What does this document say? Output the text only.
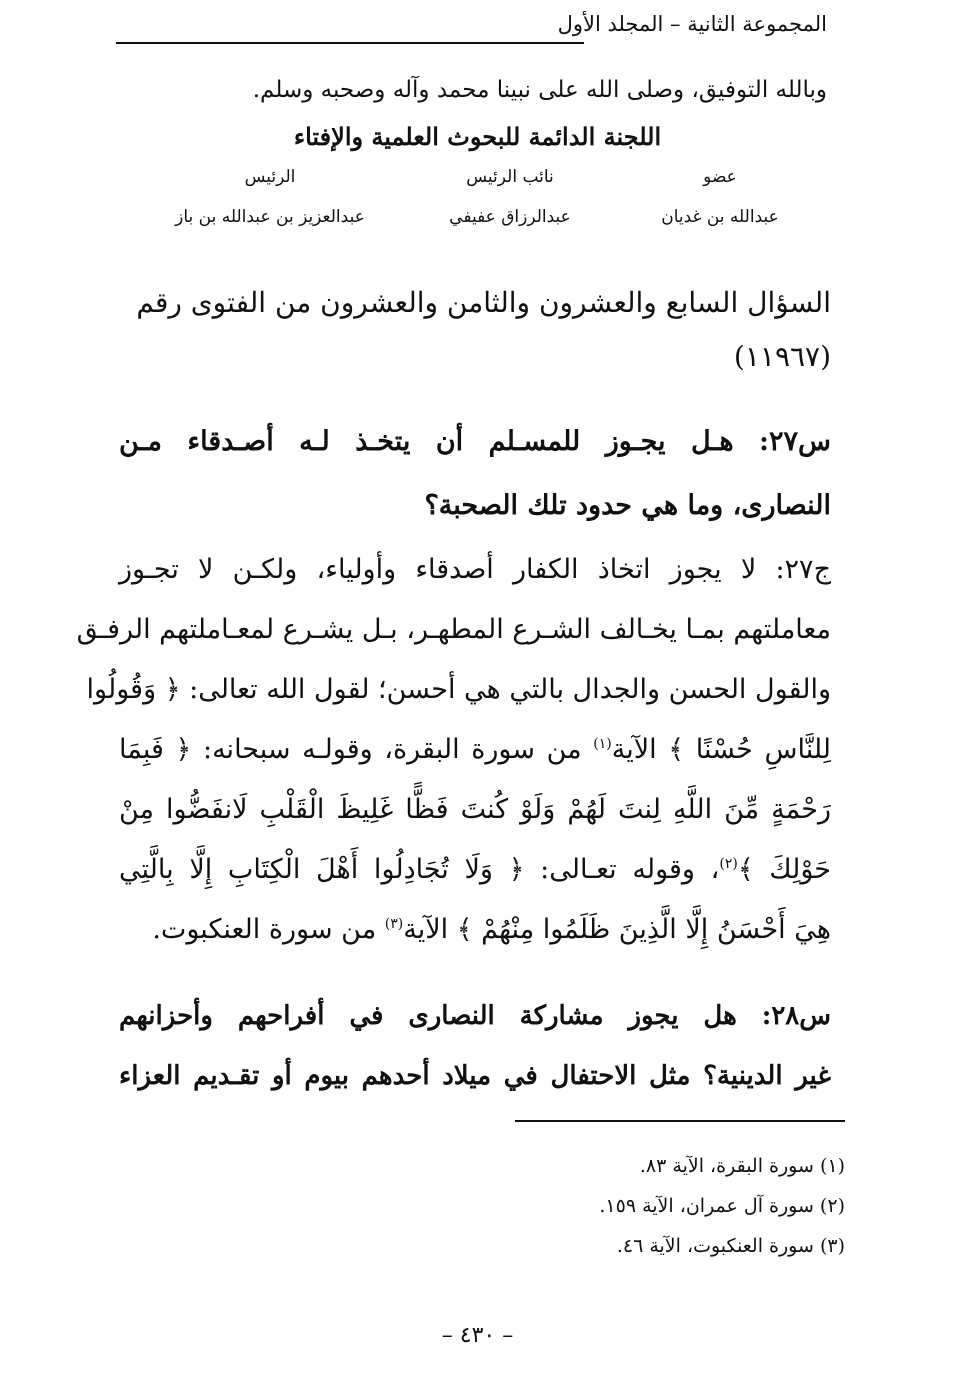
المجموعة الثانية – المجلد الأول
وبالله التوفيق، وصلى الله على نبينا محمد وآله وصحبه وسلم.
اللجنة الدائمة للبحوث العلمية والإفتاء
عضو
عبدالله بن غديان
نائب الرئيس
عبدالرزاق عفيفي
الرئيس
عبدالعزيز بن عبدالله بن باز
السؤال السابع والعشرون والثامن والعشرون من الفتوى رقم
(١١٩٦٧)
س٢٧: هـل يجـوز للمسـلم أن يتخـذ لـه أصـدقاء مـن
النصارى، وما هي حدود تلك الصحبة؟
ج٢٧: لا يجوز اتخاذ الكفار أصدقاء وأولياء، ولكـن لا تجـوز
معاملتهم بمـا يخـالف الشـرع المطهـر، بـل يشـرع لمعـاملتهم الرفـق
والقول الحسن والجدال بالتي هي أحسن؛ لقول الله تعالى: ﴿ وَقُولُوا
لِلنَّاسِ حُسْنًا ﴾ الآية$^{(١)}$ من سورة البقرة، وقولـه سبحانه: ﴿ فَبِمَا
رَحْمَةٍ مِّنَ اللَّهِ لِنتَ لَهُمْ وَلَوْ كُنتَ فَظًّا غَلِيظَ الْقَلْبِ لَانفَضُّوا مِنْ
حَوْلِكَ ﴾$^{(٢)}$، وقوله تعـالى: ﴿ وَلَا تُجَادِلُوا أَهْلَ الْكِتَابِ إِلَّا بِالَّتِي
هِيَ أَحْسَنُ إِلَّا الَّذِينَ ظَلَمُوا مِنْهُمْ ﴾ الآية$^{(٣)}$ من سورة العنكبوت.
س٢٨: هل يجوز مشاركة النصارى في أفراحهم وأحزانهم
غير الدينية؟ مثل الاحتفال في ميلاد أحدهم بيوم أو تقـديم العزاء
(١) سورة البقرة، الآية ٨٣.
(٢) سورة آل عمران، الآية ١٥٩.
(٣) سورة العنكبوت، الآية ٤٦.
– ٤٣٠ –
